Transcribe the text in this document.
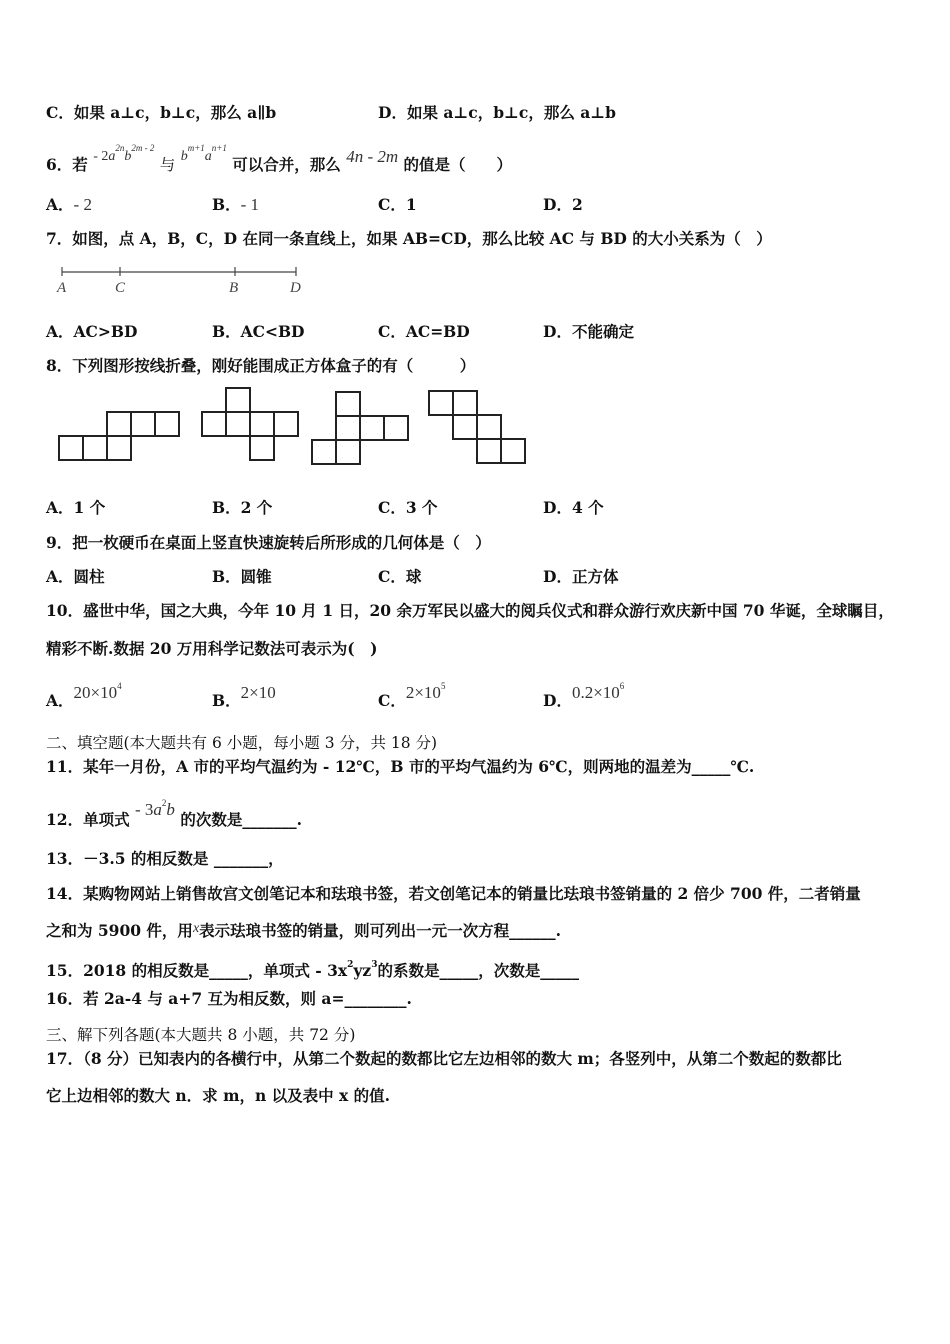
C．如果 a⊥c，b⊥c，那么 a∥b	D．如果 a⊥c，b⊥c，那么 a⊥b
6．若 - $2a^{2n}b^{2m - 2}$ 与 $b^{m+1}a^{n+1}$ 可以合并，那么 4n - 2m 的值是（　　）
A．- 2	B．- 1	C．1	D．2
7．如图，点 A，B，C，D 在同一条直线上，如果 AB=CD，那么比较 AC 与 BD 的大小关系为（　）
A	C	B	D
A．AC>BD	B．AC<BD	C．AC=BD	D．不能确定
8．下列图形按线折叠，刚好能围成正方体盒子的有（　　　）
A．1 个	B．2 个	C．3 个	D．4 个
9．把一枚硬币在桌面上竖直快速旋转后所形成的几何体是（　）
A．圆柱	B．圆锥	C．球	D．正方体
10．盛世中华，国之大典，今年 10 月 1 日，20 余万军民以盛大的阅兵仪式和群众游行欢庆新中国 70 华诞，全球瞩目，
精彩不断.数据 20 万用科学记数法可表示为(　)
A．$20\times 10^4$
B．2×10	C．$2\times 10^5$
D．$0.2\times 10^6$
二、填空题(本大题共有 6 小题，每小题 3 分，共 18 分)
11．某年一月份，A 市的平均气温约为 - 12℃，B 市的平均气温约为 6℃，则两地的温差为_____℃.
12．单项式 - $3a^2b$ 的次数是_______.
13．－3.5 的相反数是 _______，
14．某购物网站上销售故宫文创笔记本和珐琅书签，若文创笔记本的销量比珐琅书签销量的 2 倍少 700 件，二者销量
之和为 5900 件，用x表示珐琅书签的销量，则可列出一元一次方程______.
15．2018 的相反数是_____，单项式 - $3x^2yz^3$的系数是_____，次数是_____
16．若 2a-4 与 a+7 互为相反数，则 a=________.
三、解下列各题(本大题共 8 小题，共 72 分)
17．（8 分）已知表内的各横行中，从第二个数起的数都比它左边相邻的数大 m；各竖列中，从第二个数起的数都比
它上边相邻的数大 n．求 m，n 以及表中 x 的值.
